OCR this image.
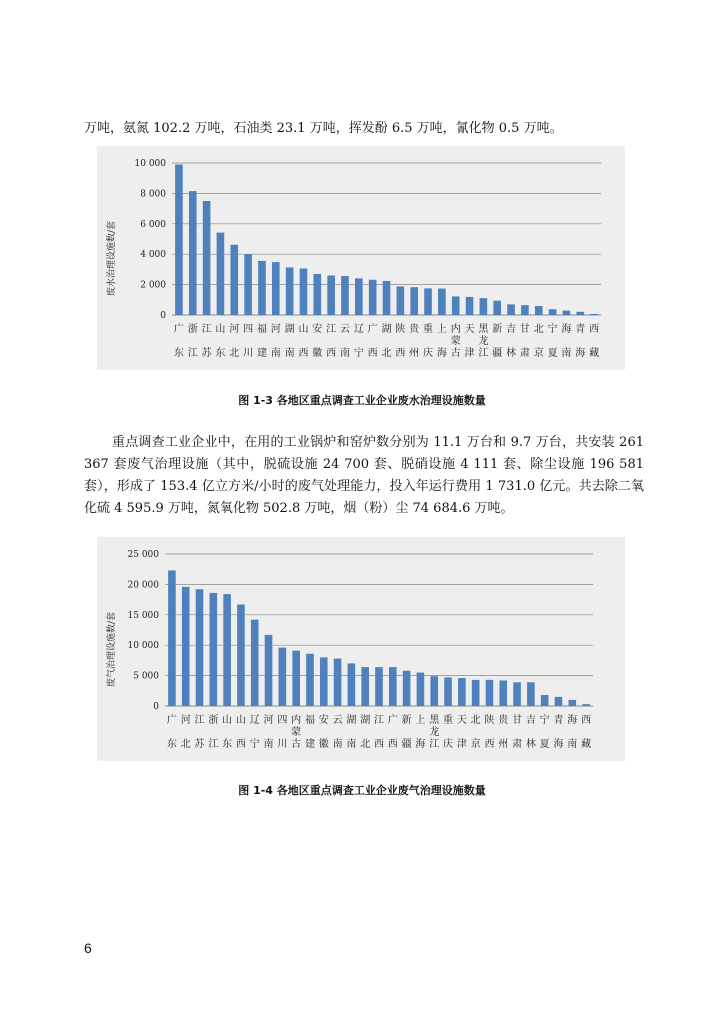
万吨，氨氮 102.2 万吨，石油类 23.1 万吨，挥发酚 6.5 万吨，氰化物 0.5 万吨。

废水治理设施数/套
0
2 000
4 000
6 000
8 000
10 000
广东
浙江
江苏
山东
河北
四川
福建
河南
湖南
山西
安徽
江西
云南
辽宁
广西
湖北
陕西
贵州
重庆
上海
内蒙古
天津
黑龙江
新疆
吉林
甘肃
北京
宁夏
海南
青海
西藏

图 1-3 各地区重点调查工业企业废水治理设施数量

重点调查工业企业中，在用的工业锅炉和窑炉数分别为 11.1 万台和 9.7 万台，共安装 261 367 套废气治理设施（其中，脱硫设施 24 700 套、脱硝设施 4 111 套、除尘设施 196 581 套），形成了 153.4 亿立方米/小时的废气处理能力，投入年运行费用 1 731.0 亿元。共去除二氧化硫 4 595.9 万吨，氮氧化物 502.8 万吨，烟（粉）尘 74 684.6 万吨。

废气治理设施数/套
0
5 000
10 000
15 000
20 000
25 000
广东
河北
江苏
浙江
山东
山西
辽宁
河南
四川
内蒙古
福建
安徽
云南
湖南
湖北
江西
广西
新疆
上海
黑龙江
重庆
天津
北京
陕西
贵州
甘肃
吉林
宁夏
青海
海南
西藏

图 1-4 各地区重点调查工业企业废气治理设施数量

6
